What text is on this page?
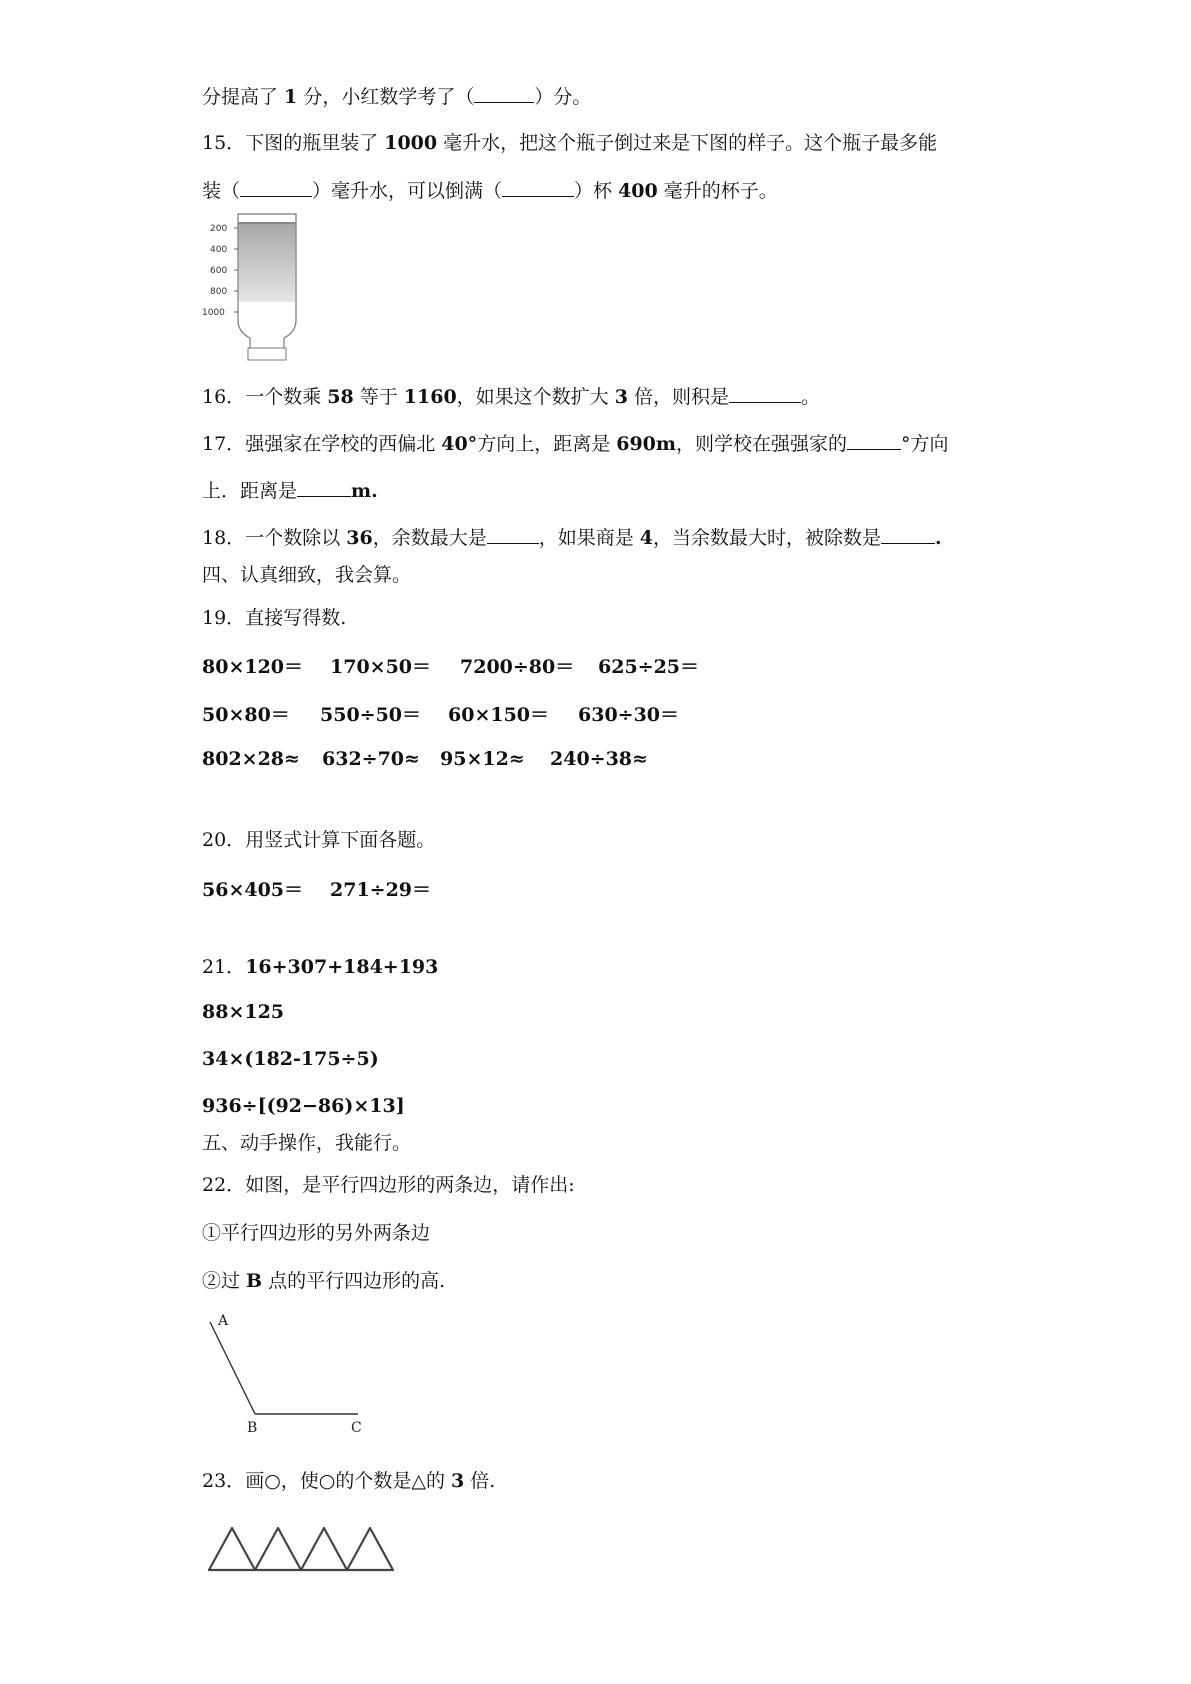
分提高了 1 分，小红数学考了（	）分。
15．下图的瓶里装了 1000 毫升水，把这个瓶子倒过来是下图的样子。这个瓶子最多能
装（	）毫升水，可以倒满（	）杯 400 毫升的杯子。
200
400
600
800
1000
16．一个数乘 58 等于 1160，如果这个数扩大 3 倍，则积是	。
17．强强家在学校的西偏北 40°方向上，距离是 690m，则学校在强强家的	°方向
上．距离是	m.
18．一个数除以 36，余数最大是	，如果商是 4，当余数最大时，被除数是	.
四、认真细致，我会算。
19．直接写得数.
80×120＝ 170×50＝ 7200÷80＝ 625÷25＝
50×80＝ 550÷50＝ 60×150＝ 630÷30＝
802×28≈ 632÷70≈ 95×12≈ 240÷38≈
20．用竖式计算下面各题。
56×405＝ 271÷29＝
21．16+307+184+193
88×125
34×(182-175÷5)
936÷[(92−86)×13]
五、动手操作，我能行。
22．如图，是平行四边形的两条边，请作出:
①平行四边形的另外两条边
②过 B 点的平行四边形的高.
A
B	C
23．画○，使○的个数是△的 3 倍.
